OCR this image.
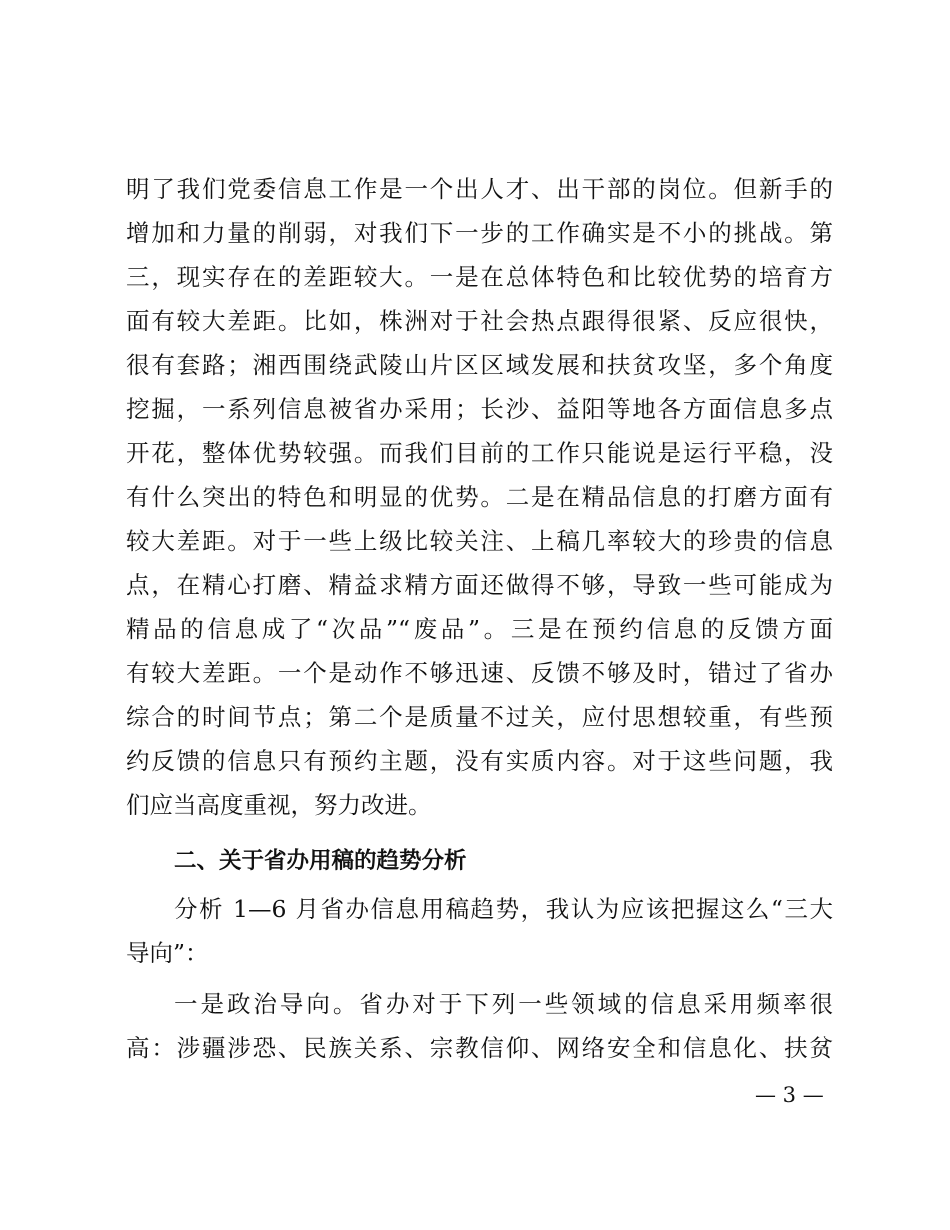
明了我们党委信息工作是一个出人才、出干部的岗位。但新手的
增加和力量的削弱，对我们下一步的工作确实是不小的挑战。第
三，现实存在的差距较大。一是在总体特色和比较优势的培育方
面有较大差距。比如，株洲对于社会热点跟得很紧、反应很快，
很有套路；湘西围绕武陵山片区区域发展和扶贫攻坚，多个角度
挖掘，一系列信息被省办采用；长沙、益阳等地各方面信息多点
开花，整体优势较强。而我们目前的工作只能说是运行平稳，没
有什么突出的特色和明显的优势。二是在精品信息的打磨方面有
较大差距。对于一些上级比较关注、上稿几率较大的珍贵的信息
点，在精心打磨、精益求精方面还做得不够，导致一些可能成为
精品的信息成了“次品”“废品”。三是在预约信息的反馈方面
有较大差距。一个是动作不够迅速、反馈不够及时，错过了省办
综合的时间节点；第二个是质量不过关，应付思想较重，有些预
约反馈的信息只有预约主题，没有实质内容。对于这些问题，我
们应当高度重视，努力改进。
二、关于省办用稿的趋势分析
分析 1—6 月省办信息用稿趋势，我认为应该把握这么“三大
导向”：
一是政治导向。省办对于下列一些领域的信息采用频率很
高：涉疆涉恐、民族关系、宗教信仰、网络安全和信息化、扶贫
— 3 —
